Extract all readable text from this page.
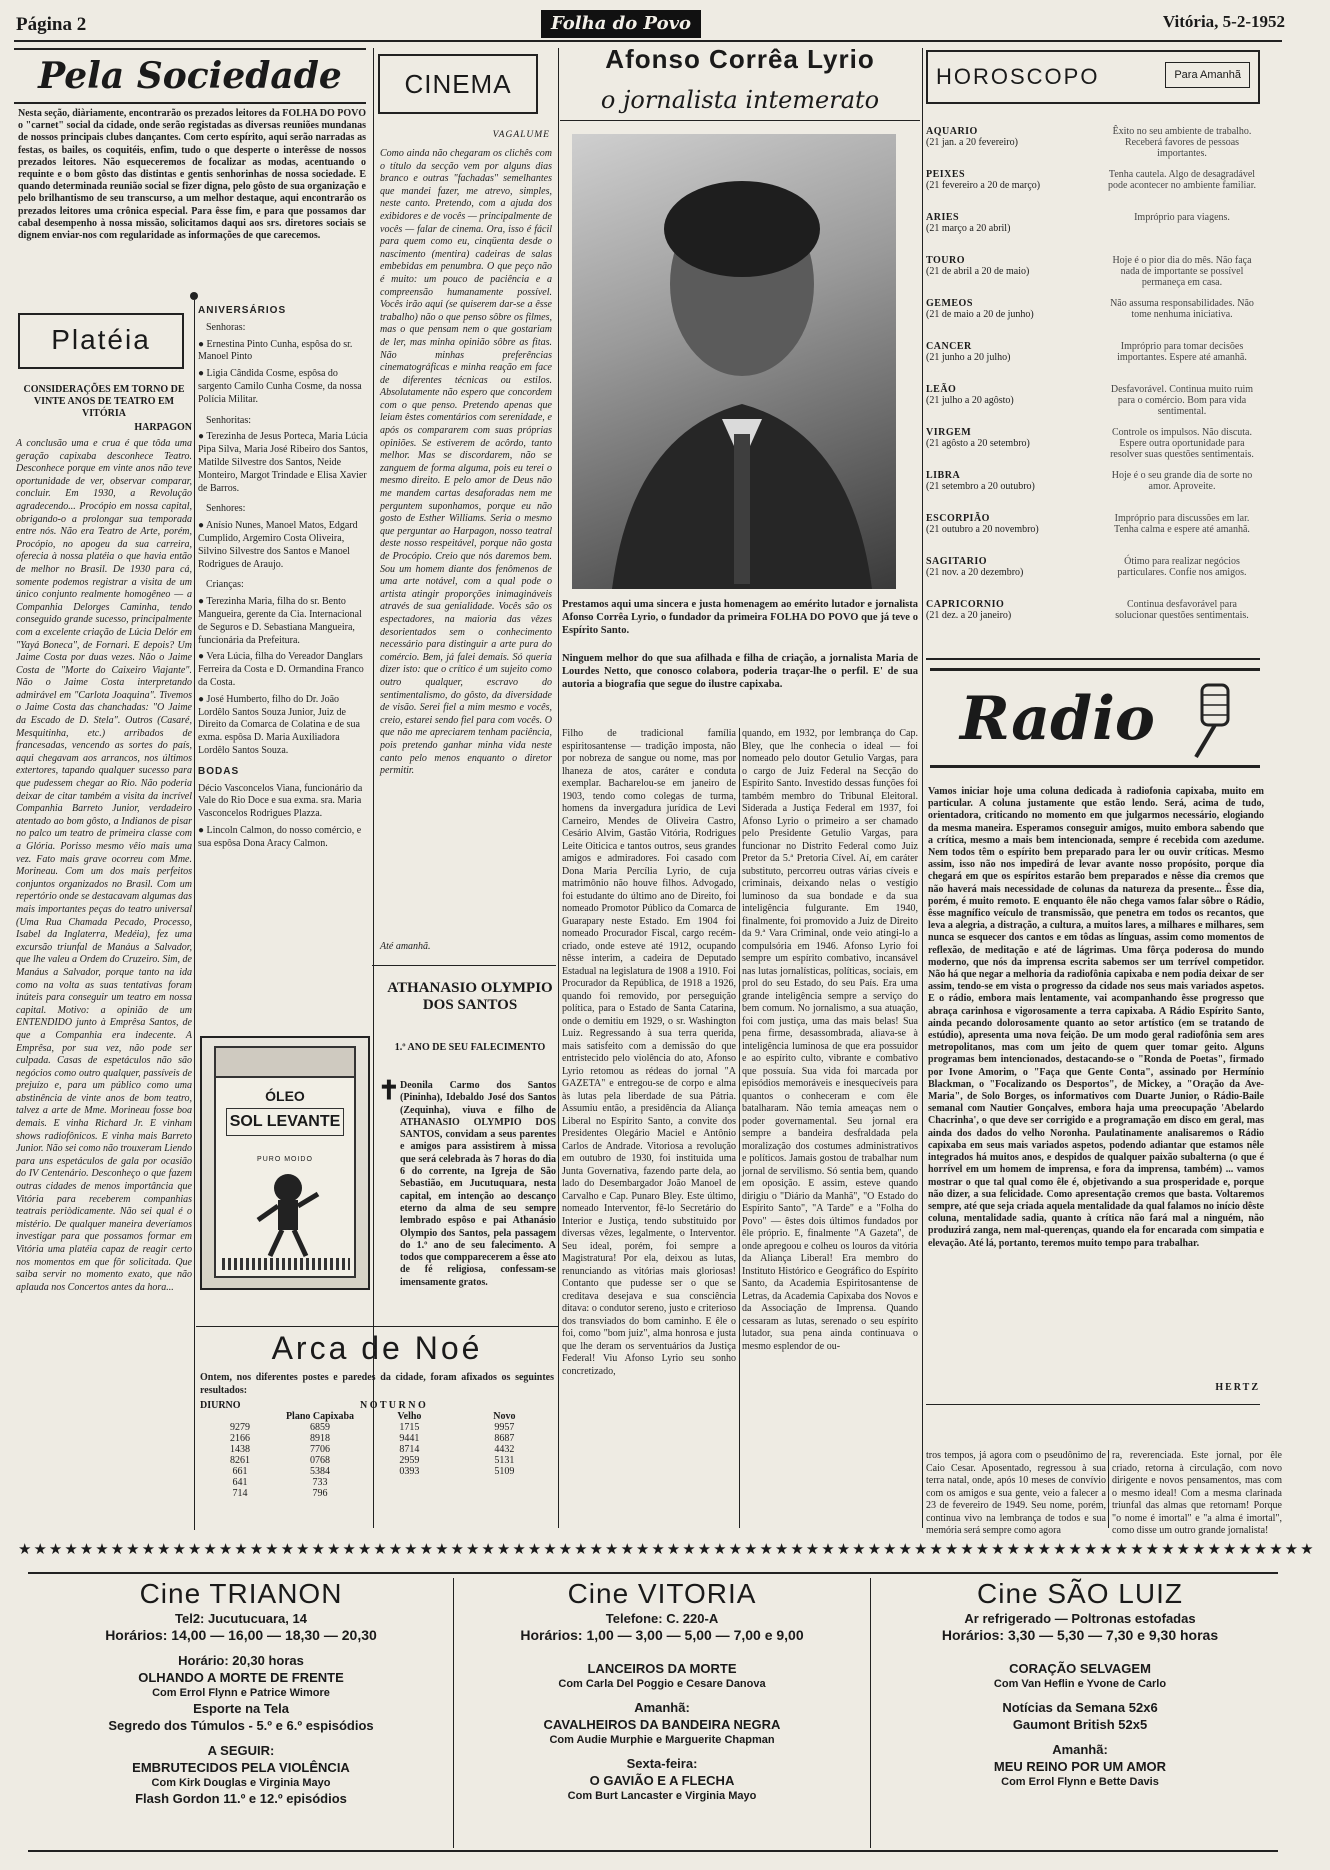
Página 2	Folha do Povo	Vitória, 5-2-1952
Pela Sociedade
Nesta seção, diàriamente, encontrarão os prezados leitores da FOLHA DO POVO o "carnet" social da cidade, onde serão registadas as diversas reuniões mundanas de nossos principais clubes dançantes. Com certo espírito, aqui serão narradas as festas, os bailes, os coquitéis, enfim, tudo o que desperte o interêsse de nossos prezados leitores. Não esqueceremos de focalizar as modas, acentuando o requinte e o bom gôsto das distintas e gentis senhorinhas de nossa sociedade. E quando determinada reunião social se fizer digna, pelo gôsto de sua organização e pelo brilhantismo de seu transcurso, a um melhor destaque, aqui encontrarão os prezados leitores uma crônica especial. Para êsse fim, e para que possamos dar cabal desempenho à nossa missão, solicitamos daqui aos srs. diretores sociais se dignem enviar-nos com regularidade as informações de que carecemos.
Platéia
CONSIDERAÇÕES EM TORNO DE VINTE ANOS DE TEATRO EM VITÓRIA
HARPAGON
A conclusão uma e crua é que tôda uma geração capixaba desconhece Teatro. Desconhece porque em vinte anos não teve oportunidade de ver, observar comparar, concluir. Em 1930, a Revolução agradecendo... Procópio em nossa capital, obrigando-o a prolongar sua temporada entre nós. Não era Teatro de Arte, porém, Procópio, no apogeu da sua carreira, oferecia à nossa platéia o que havia então de melhor no Brasil. De 1930 para cá, somente podemos registrar a visita de um único conjunto realmente homogêneo — a Companhia Delorges Caminha, tendo conseguido grande sucesso, principalmente com a excelente criação de Lúcia Delór em "Yayá Boneca", de Fornari. E depois? Um Jaime Costa por duas vezes. Não o Jaime Costa de "Morte do Caixeiro Viajante". Não o Jaime Costa interpretando admirável em "Carlota Joaquina". Tivemos o Jaime Costa das chanchadas: "O Jaime da Escado de D. Stela". Outros (Casaré, Mesquitinha, etc.) arribados de francesadas, vencendo as sortes do país, aqui chegavam aos arrancos, nos últimos extertores, tapando qualquer sucesso para que pudessem chegar ao Rio. Não poderia deixar de citar também a visita da incrível Companhia Barreto Junior, verdadeiro atentado ao bom gôsto, a Indianos de pisar no palco um teatro de primeira classe com a Glória. Porisso mesmo vêio mais uma vez. Fato mais grave ocorreu com Mme. Morineau. Com um dos mais perfeitos conjuntos organizados no Brasil. Com um repertório onde se destacavam algumas das mais importantes peças do teatro universal (Uma Rua Chamada Pecado, Processo, Isabel da Inglaterra, Medéia), fez uma excursão triunfal de Manáus a Salvador, que lhe valeu a Ordem do Cruzeiro. Sim, de Manáus a Salvador, porque tanto na ida como na volta as suas tentativas foram inúteis para conseguir um teatro em nossa capital. Motivo: a opinião de um ENTENDIDO junto à Emprêsa Santos, de que a Companhia era indecente. A Emprêsa, por sua vez, não pode ser culpada. Casas de espetáculos não são negócios como outro qualquer, passíveis de prejuízo e, para um público como uma abstinência de vinte anos de bom teatro, talvez a arte de Mme. Morineau fosse boa demais. E vinha Richard Jr. E vinham shows radiofônicos. E vinha mais Barreto Junior. Não sei como não trouxeram Liendo para uns espetáculos de gala por ocasião do IV Centenário. Desconheço o que fazem outras cidades de menos importância que Vitória para receberem companhias teatrais periòdicamente. Não sei qual é o mistério. De qualquer maneira deveríamos investigar para que possamos formar em Vitória uma platéia capaz de reagir certo nos momentos em que fôr solicitada. Que saiba servir no momento exato, que não aplauda nos Concertos antes da hora...
ANIVERSÁRIOS
Senhoras:
● Ernestina Pinto Cunha, espôsa do sr. Manoel Pinto
● Ligia Cândida Cosme, espôsa do sargento Camilo Cunha Cosme, da nossa Polícia Militar.
Senhoritas:
● Terezinha de Jesus Porteca, Maria Lúcia Pipa Silva, Maria José Ribeiro dos Santos, Matilde Silvestre dos Santos, Neide Monteiro, Margot Trindade e Elisa Xavier de Barros.
Senhores:
● Anísio Nunes, Manoel Matos, Edgard Cumplido, Argemiro Costa Oliveira, Silvino Silvestre dos Santos e Manoel Rodrigues de Araujo.
Crianças:
● Terezinha Maria, filha do sr. Bento Mangueira, gerente da Cia. Internacional de Seguros e D. Sebastiana Mangueira, funcionária da Prefeitura.
● Vera Lúcia, filha do Vereador Danglars Ferreira da Costa e D. Ormandina Franco da Costa.
● José Humberto, filho do Dr. João Lordêlo Santos Souza Junior, Juiz de Direito da Comarca de Colatina e de sua exma. espôsa D. Maria Auxiliadora Lordêlo Santos Souza.
BODAS
Décio Vasconcelos Viana, funcionário da Vale do Rio Doce e sua exma. sra. Maria Vasconcelos Rodrigues Plazza.
● Lincoln Calmon, do nosso comércio, e sua espôsa Dona Aracy Calmon.
CINEMA
VAGALUME
Como ainda não chegaram os clichês com o título da secção vem por alguns dias branco e outras "fachadas" semelhantes que mandei fazer, me atrevo, simples, neste canto. Pretendo, com a ajuda dos exibidores e de vocês — principalmente de vocês — falar de cinema. Ora, isso é fácil para quem como eu, cinqüenta desde o nascimento (mentira) cadeiras de salas embebidas em penumbra. O que peço não é muito: um pouco de paciência e a compreensão humanamente possível. Vocês irão aqui (se quiserem dar-se a êsse trabalho) não o que penso sôbre os filmes, mas o que pensam nem o que gostariam de ler, mas minha opinião sôbre as fitas. Não minhas preferências cinematográficas e minha reação em face de diferentes técnicas ou estilos. Absolutamente não espero que concordem com o que penso. Pretendo apenas que leiam êstes comentários com serenidade, e após os compararem com suas próprias opiniões. Se estiverem de acôrdo, tanto melhor. Mas se discordarem, não se zanguem de forma alguma, pois eu terei o mesmo direito. E pelo amor de Deus não me mandem cartas desaforadas nem me perguntem suponhamos, porque eu não gosto de Esther Williams. Seria o mesmo que perguntar ao Harpagon, nosso teatral deste nosso respeitável, porque não gosta de Procópio. Creio que nós daremos bem. Sou um homem diante dos fenômenos de uma arte notável, com a qual pode o artista atingir proporções inimagináveis através de sua genialidade. Vocês são os espectadores, na maioria das vêzes desorientados sem o conhecimento necessário para distinguir a arte pura do comércio. Bem, já falei demais. Só queria dizer isto: que o crítico é um sujeito como outro qualquer, escravo do sentimentalismo, do gôsto, da diversidade de visão. Serei fiel a mim mesmo e vocês, creio, estarei sendo fiel para com vocês. O que não me apreciarem tenham paciência, pois pretendo ganhar minha vida neste canto pelo menos enquanto o diretor permitir.
Até amanhã.
ATHANASIO OLYMPIO DOS SANTOS
1.º ANO DE SEU FALECIMENTO
✝ Deonila Carmo dos Santos (Pininha), Idebaldo José dos Santos (Zequinha), viuva e filho de ATHANASIO OLYMPIO DOS SANTOS, convidam a seus parentes e amigos para assistirem à missa que será celebrada às 7 horas do dia 6 do corrente, na Igreja de São Sebastião, em Jucutuquara, nesta capital, em intenção ao descanço eterno da alma de seu sempre lembrado espôso e pai Athanásio Olympio dos Santos, pela passagem do 1.º ano de seu falecimento. A todos que compparecerem a êsse ato de fé religiosa, confessam-se imensamente gratos.
ÓLEO
SOL LEVANTE
PURO MOIDO
Arca de Noé
Ontem, nos diferentes postes e paredes da cidade, foram afixados os seguintes resultados:
DIURNO		N O T U R N O	
	Plano Capixaba	Velho	Novo
9279	6859	1715	9957
2166	8918	9441	8687
1438	7706	8714	4432
8261	0768	2959	5131
661	5384	0393	5109
641	733		
714	796		
Afonso Corrêa Lyrio
o jornalista intemerato
Prestamos aqui uma sincera e justa homenagem ao emérito lutador e jornalista Afonso Corrêa Lyrio, o fundador da primeira FOLHA DO POVO que já teve o Espírito Santo.
Ninguem melhor do que sua afilhada e filha de criação, a jornalista Maria de Lourdes Netto, que conosco colabora, poderia traçar-lhe o perfil. E' de sua autoria a biografia que segue do ilustre capixaba.
Filho de tradicional família espiritosantense — tradição imposta, não por nobreza de sangue ou nome, mas por lhaneza de atos, caráter e conduta exemplar. Bacharelou-se em janeiro de 1903, tendo como colegas de turma, homens da invergadura jurídica de Levi Carneiro, Mendes de Oliveira Castro, Cesário Alvim, Gastão Vitória, Rodrigues Leite Oiticica e tantos outros, seus grandes amigos e admiradores. Foi casado com Dona Maria Percília Lyrio, de cuja matrimônio não houve filhos. Advogado, foi estudante do último ano de Direito, foi nomeado Promotor Público da Comarca de Guarapary neste Estado. Em 1904 foi nomeado Procurador Fiscal, cargo recém-criado, onde esteve até 1912, ocupando nêsse interim, a cadeira de Deputado Estadual na legislatura de 1908 a 1910. Foi Procurador da República, de 1918 a 1926, quando foi removido, por perseguição política, para o Estado de Santa Catarina, onde o demitiu em 1929, o sr. Washington Luiz. Regressando à sua terra querida, mais satisfeito com a demissão do que entristecido pelo violência do ato, Afonso Lyrio retomou as rédeas do jornal "A GAZETA" e entregou-se de corpo e alma às lutas pela liberdade de sua Pátria. Assumiu então, a presidência da Aliança Liberal no Espírito Santo, a convite dos Presidentes Olegário Maciel e Antônio Carlos de Andrade. Vitoriosa a revolução em outubro de 1930, foi instituida uma Junta Governativa, fazendo parte dela, ao lado do Desembargador João Manoel de Carvalho e Cap. Punaro Bley. Este último, nomeado Interventor, fê-lo Secretário do Interior e Justiça, tendo substituido por diversas vêzes, legalmente, o Interventor. Seu ideal, porém, foi sempre a Magistratura! Por ela, deixou as lutas, renunciando as vitórias mais gloriosas! Contanto que pudesse ser o que se creditava desejava e sua consciência ditava: o condutor sereno, justo e criterioso dos transviados do bom caminho. E êle o foi, como "bom juiz", alma honrosa e justa que lhe deram os serventuários da Justiça Federal! Viu Afonso Lyrio seu sonho concretizado,
quando, em 1932, por lembrança do Cap. Bley, que lhe conhecia o ideal — foi nomeado pelo doutor Getulio Vargas, para o cargo de Juiz Federal na Secção do Espírito Santo. Investido dessas funções foi também membro do Tribunal Eleitoral. Siderada a Justiça Federal em 1937, foi Afonso Lyrio o primeiro a ser chamado pelo Presidente Getulio Vargas, para funcionar no Distrito Federal como Juiz Pretor da 5.ª Pretoria Cível. Aí, em caráter substituto, percorreu outras várias cíveis e criminais, deixando nelas o vestígio luminoso da sua bondade e da sua inteligência fulgurante. Em 1940, finalmente, foi promovido a Juiz de Direito da 9.ª Vara Criminal, onde veio atingi-lo a compulsória em 1946. Afonso Lyrio foi sempre um espírito combativo, incansável nas lutas jornalísticas, políticas, sociais, em prol do seu Estado, do seu País. Era uma grande inteligência sempre a serviço do bem comum. No jornalismo, a sua atuação, foi com justiça, uma das mais belas! Sua pena firme, desassombrada, aliava-se à inteligência luminosa de que era possuidor e ao espírito culto, vibrante e combativo que possuía. Sua vida foi marcada por episódios memoráveis e inesquecíveis para quantos o conheceram e com êle batalharam. Não temia ameaças nem o poder governamental. Seu jornal era sempre a bandeira desfraldada pela moralização dos costumes administrativos e políticos. Jamais gostou de trabalhar num jornal de servilismo. Só sentia bem, quando em oposição. E assim, esteve quando dirigiu o "Diário da Manhã", "O Estado do Espírito Santo", "A Tarde" e a "Folha do Povo" — êstes dois últimos fundados por êle próprio. E, finalmente "A Gazeta", de onde apregoou e colheu os louros da vitória da Aliança Liberal! Era membro do Instituto Histórico e Geográfico do Espírito Santo, da Academia Espiritosantense de Letras, da Academia Capixaba dos Novos e da Associação de Imprensa. Quando cessaram as lutas, serenado o seu espírito lutador, sua pena ainda continuava o mesmo esplendor de ou-
tros tempos, já agora com o pseudônimo de Caio Cesar. Aposentado, regressou à sua terra natal, onde, após 10 meses de convívio com os amigos e sua gente, veio a falecer a 23 de fevereiro de 1949. Seu nome, porém, continua vivo na lembrança de todos e sua memória será sempre como agora
ra, reverenciada. Este jornal, por êle criado, retorna à circulação, com novo dirigente e novos pensamentos, mas com o mesmo ideal! Com a mesma clarinada triunfal das almas que retornam! Porque "o nome é imortal" e "a alma é imortal", como disse um outro grande jornalista!
HOROSCOPO	Para Amanhã
AQUARIO
(21 jan. a 20 fevereiro)
Êxito no seu ambiente de trabalho. Receberá favores de pessoas importantes.
PEIXES
(21 fevereiro a 20 de março)
Tenha cautela. Algo de desagradável pode acontecer no ambiente familiar.
ARIES
(21 março a 20 abril)
Impróprio para viagens.
TOURO
(21 de abril a 20 de maio)
Hoje é o pior dia do mês. Não faça nada de importante se possível permaneça em casa.
GEMEOS
(21 de maio a 20 de junho)
Não assuma responsabilidades. Não tome nenhuma iniciativa.
CANCER
(21 junho a 20 julho)
Impróprio para tomar decisões importantes. Espere até amanhã.
LEÃO
(21 julho a 20 agôsto)
Desfavorável. Continua muito ruim para o comércio. Bom para vida sentimental.
VIRGEM
(21 agôsto a 20 setembro)
Controle os impulsos. Não discuta. Espere outra oportunidade para resolver suas questões sentimentais.
LIBRA
(21 setembro a 20 outubro)
Hoje é o seu grande dia de sorte no amor. Aproveite.
ESCORPIÃO
(21 outubro a 20 novembro)
Impróprio para discussões em lar. Tenha calma e espere até amanhã.
SAGITARIO
(21 nov. a 20 dezembro)
Ótimo para realizar negócios particulares. Confie nos amigos.
CAPRICORNIO
(21 dez. a 20 janeiro)
Continua desfavorável para solucionar questões sentimentais.
Radio
Vamos iniciar hoje uma coluna dedicada à radiofonia capixaba, muito em particular. A coluna justamente que estão lendo. Será, acima de tudo, orientadora, criticando no momento em que julgarmos necessário, elogiando da mesma maneira. Esperamos conseguir amigos, muito embora sabendo que a crítica, mesmo a mais bem intencionada, sempre é recebida com azedume. Nem todos têm o espírito bem preparado para ler ou ouvir críticas. Mesmo assim, isso não nos impedirá de levar avante nosso propósito, porque dia chegará em que os espíritos estarão bem preparados e nêsse dia cremos que não haverá mais necessidade de colunas da natureza da presente... Êsse dia, porém, é muito remoto. E enquanto êle não chega vamos falar sôbre o Rádio, êsse magnífico veículo de transmissão, que penetra em todos os recantos, que leva a alegria, a distração, a cultura, a muitos lares, a milhares e milhares, sem nunca se esquecer dos cantos e em tôdas as línguas, assim como momentos de reflexão, de meditação e até de lágrimas. Uma fôrça poderosa do mundo moderno, que nós da imprensa escrita sabemos ser um terrível competidor. Não há que negar a melhoria da radiofônia capixaba e nem podia deixar de ser assim, tendo-se em vista o progresso da cidade nos seus mais variados aspetos. E o rádio, embora mais lentamente, vai acompanhando êsse progresso que abraça carinhosa e vigorosamente a terra capixaba. A Rádio Espírito Santo, ainda pecando dolorosamente quanto ao setor artístico (em se tratando de estúdio), apresenta uma nova feição. De um modo geral radiofônia sem ares metropolitanos, mas com um jeito de quem quer tomar geito. Alguns programas bem intencionados, destacando-se o "Ronda de Poetas", firmado por Ivone Amorim, o "Faça que Gente Conta", assinado por Hermínio Blackman, o "Focalizando os Desportos", de Mickey, a "Oração da Ave-Maria", de Solo Borges, os informativos com Duarte Junior, o Rádio-Baile semanal com Nautier Gonçalves, embora haja uma preocupação 'Abelardo Chacrinha', o que deve ser corrigido e a programação em disco em geral, mas ainda dos dados do velho Noronha. Paulatinamente analisaremos o Rádio capixaba em seus mais variados aspetos, podendo adiantar que estamos nêle integrados há muitos anos, e despidos de qualquer paixão subalterna (o que é horrível em um homem de imprensa, e fora da imprensa, também) ... vamos mostrar o que tal qual como êle é, objetivando a sua prosperidade e, porque não dizer, a sua felicidade. Como apresentação cremos que basta. Voltaremos sempre, até que seja criada aquela mentalidade da qual falamos no início dêste coluna, mentalidade sadia, quanto à crítica não fará mal a ninguém, não produzirá zanga, nem mal-querenças, quando ela for encarada com simpatia e elevação. Até lá, portanto, teremos muito tempo para trabalhar.
HERTZ
★★★★★★★★★★★★★★★★★★★★★★★★★★★★★★★★★★★★★★★★★★★★★★★★★★★★★★★★★★★★★★★★★★★★★★★★★★★★★★★★★★★★
Cine TRIANON
Tel2: Jucutucuara, 14
Horários: 14,00 — 16,00 — 18,30 — 20,30
Horário: 20,30 horas
OLHANDO A MORTE DE FRENTE
Com Errol Flynn e Patrice Wimore
Esporte na Tela
Segredo dos Túmulos - 5.º e 6.º espisódios
A SEGUIR:
EMBRUTECIDOS PELA VIOLÊNCIA
Com Kirk Douglas e Virginia Mayo
Flash Gordon 11.º e 12.º episódios
Cine VITORIA
Telefone: C. 220-A
Horários: 1,00 — 3,00 — 5,00 — 7,00 e 9,00
LANCEIROS DA MORTE
Com Carla Del Poggio e Cesare Danova
Amanhã:
CAVALHEIROS DA BANDEIRA NEGRA
Com Audie Murphie e Marguerite Chapman
Sexta-feira:
O GAVIÃO E A FLECHA
Com Burt Lancaster e Virginia Mayo
Cine SÃO LUIZ
Ar refrigerado — Poltronas estofadas
Horários: 3,30 — 5,30 — 7,30 e 9,30 horas
CORAÇÃO SELVAGEM
Com Van Heflin e Yvone de Carlo
Notícias da Semana 52x6
Gaumont British 52x5
Amanhã:
MEU REINO POR UM AMOR
Com Errol Flynn e Bette Davis
